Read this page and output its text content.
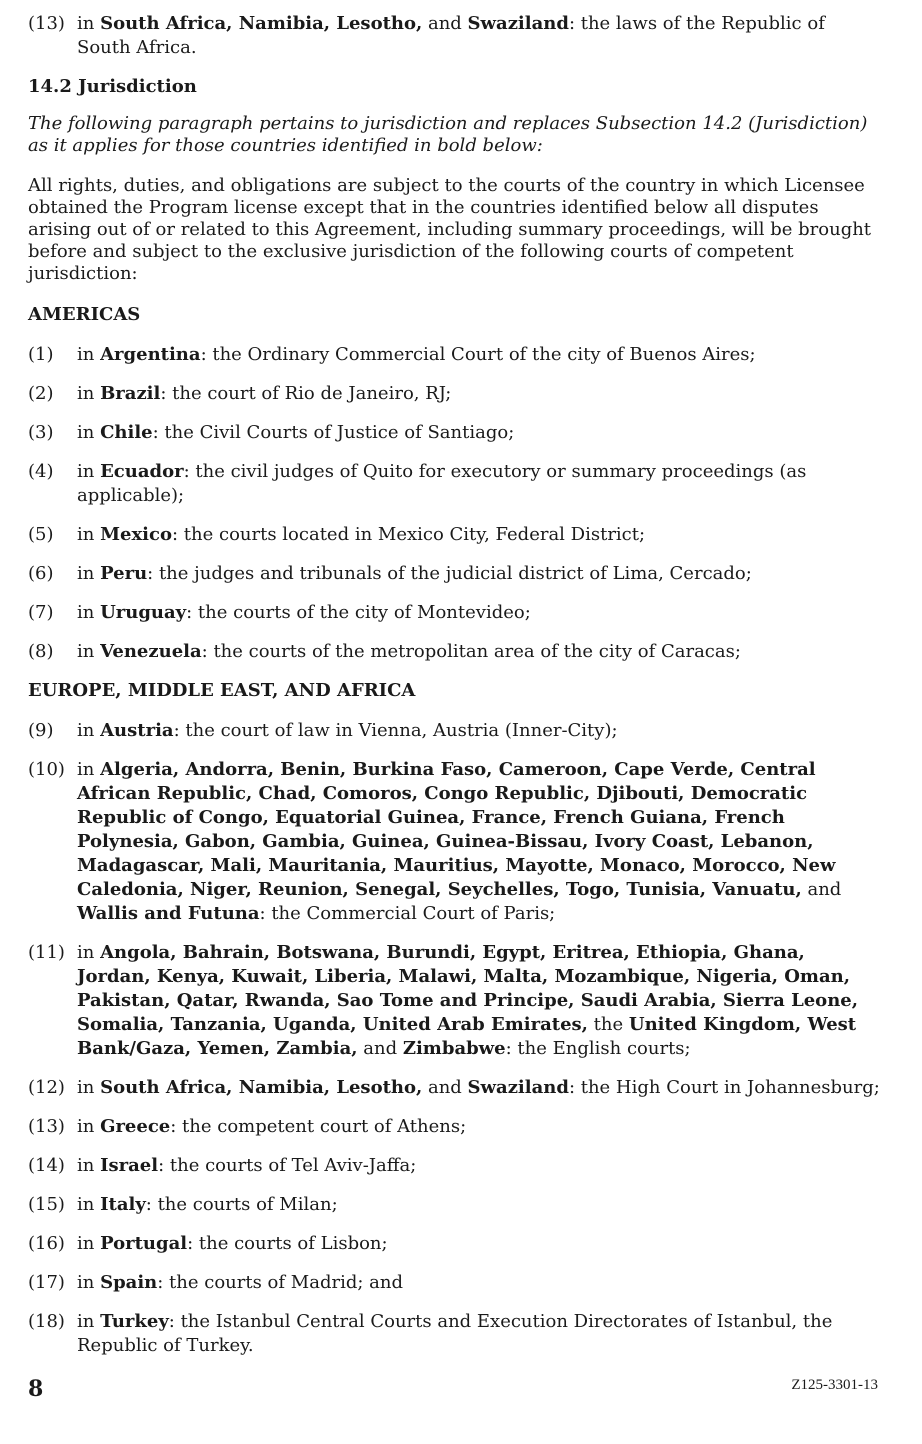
(13) in South Africa, Namibia, Lesotho, and Swaziland: the laws of the Republic of South Africa.
14.2 Jurisdiction
The following paragraph pertains to jurisdiction and replaces Subsection 14.2 (Jurisdiction) as it applies for those countries identified in bold below:
All rights, duties, and obligations are subject to the courts of the country in which Licensee obtained the Program license except that in the countries identified below all disputes arising out of or related to this Agreement, including summary proceedings, will be brought before and subject to the exclusive jurisdiction of the following courts of competent jurisdiction:
AMERICAS
(1)	in Argentina: the Ordinary Commercial Court of the city of Buenos Aires;
(2)	in Brazil: the court of Rio de Janeiro, RJ;
(3)	in Chile: the Civil Courts of Justice of Santiago;
(4)	in Ecuador: the civil judges of Quito for executory or summary proceedings (as applicable);
(5)	in Mexico: the courts located in Mexico City, Federal District;
(6)	in Peru: the judges and tribunals of the judicial district of Lima, Cercado;
(7)	in Uruguay: the courts of the city of Montevideo;
(8)	in Venezuela: the courts of the metropolitan area of the city of Caracas;
EUROPE, MIDDLE EAST, AND AFRICA
(9)	in Austria: the court of law in Vienna, Austria (Inner-City);
(10) in Algeria, Andorra, Benin, Burkina Faso, Cameroon, Cape Verde, Central African Republic, Chad, Comoros, Congo Republic, Djibouti, Democratic Republic of Congo, Equatorial Guinea, France, French Guiana, French Polynesia, Gabon, Gambia, Guinea, Guinea-Bissau, Ivory Coast, Lebanon, Madagascar, Mali, Mauritania, Mauritius, Mayotte, Monaco, Morocco, New Caledonia, Niger, Reunion, Senegal, Seychelles, Togo, Tunisia, Vanuatu, and Wallis and Futuna: the Commercial Court of Paris;
(11) in Angola, Bahrain, Botswana, Burundi, Egypt, Eritrea, Ethiopia, Ghana, Jordan, Kenya, Kuwait, Liberia, Malawi, Malta, Mozambique, Nigeria, Oman, Pakistan, Qatar, Rwanda, Sao Tome and Principe, Saudi Arabia, Sierra Leone, Somalia, Tanzania, Uganda, United Arab Emirates, the United Kingdom, West Bank/Gaza, Yemen, Zambia, and Zimbabwe: the English courts;
(12) in South Africa, Namibia, Lesotho, and Swaziland: the High Court in Johannesburg;
(13) in Greece: the competent court of Athens;
(14) in Israel: the courts of Tel Aviv-Jaffa;
(15) in Italy: the courts of Milan;
(16) in Portugal: the courts of Lisbon;
(17) in Spain: the courts of Madrid; and
(18) in Turkey: the Istanbul Central Courts and Execution Directorates of Istanbul, the Republic of Turkey.
8	Z125-3301-13
